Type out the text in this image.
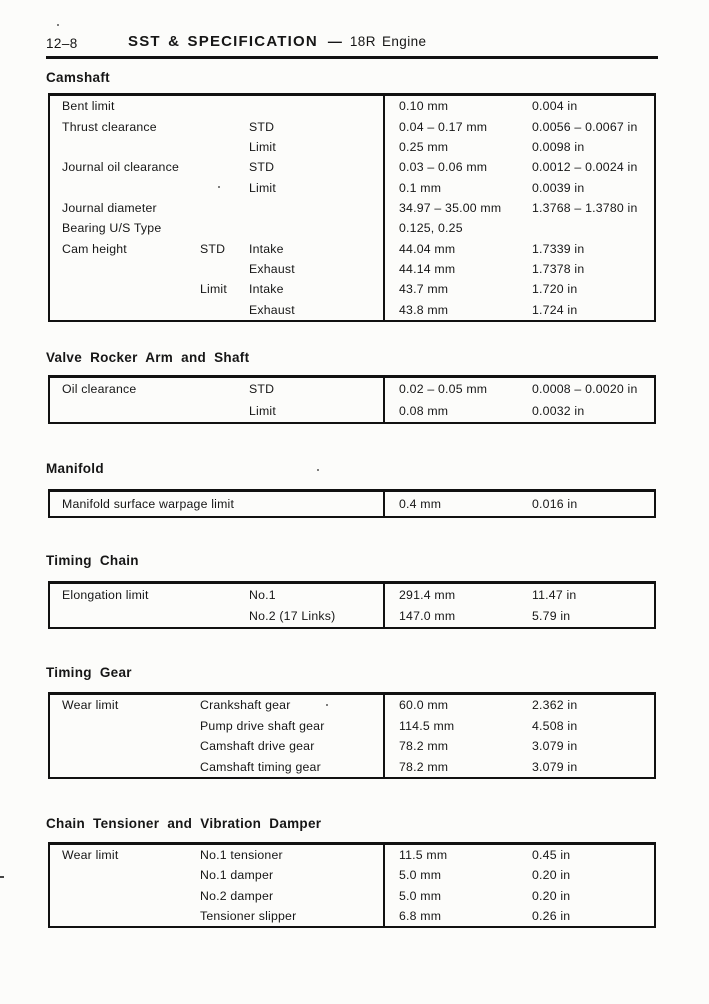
12–8	SST & SPECIFICATION — 18R Engine
Camshaft
Bent limit	0.10 mm	0.004 in
Thrust clearance	STD	0.04 – 0.17 mm	0.0056 – 0.0067 in
Limit	0.25 mm	0.0098 in
Journal oil clearance	STD	0.03 – 0.06 mm	0.0012 – 0.0024 in
Limit	0.1 mm	0.0039 in
Journal diameter	34.97 – 35.00 mm 1.3768 – 1.3780 in
Bearing U/S Type	0.125, 0.25
Cam height	STD Intake	44.04 mm	1.7339 in
Exhaust	44.14 mm	1.7378 in
Limit Intake	43.7 mm	1.720 in
Exhaust	43.8 mm	1.724 in
Valve Rocker Arm and Shaft
Oil clearance	STD	0.02 – 0.05 mm	0.0008 – 0.0020 in
Limit	0.08 mm	0.0032 in
Manifold
Manifold surface warpage limit	0.4 mm	0.016 in
Timing Chain
Elongation limit	No.1	291.4 mm	11.47 in
No.2 (17 Links)	147.0 mm	5.79 in
Timing Gear
Wear limit	Crankshaft gear	60.0 mm	2.362 in
Pump drive shaft gear	114.5 mm	4.508 in
Camshaft drive gear	78.2 mm	3.079 in
Camshaft timing gear	78.2 mm	3.079 in
Chain Tensioner and Vibration Damper
Wear limit	No.1 tensioner	11.5 mm	0.45 in
No.1 damper	5.0 mm	0.20 in
No.2 damper	5.0 mm	0.20 in
Tensioner slipper	6.8 mm	0.26 in
